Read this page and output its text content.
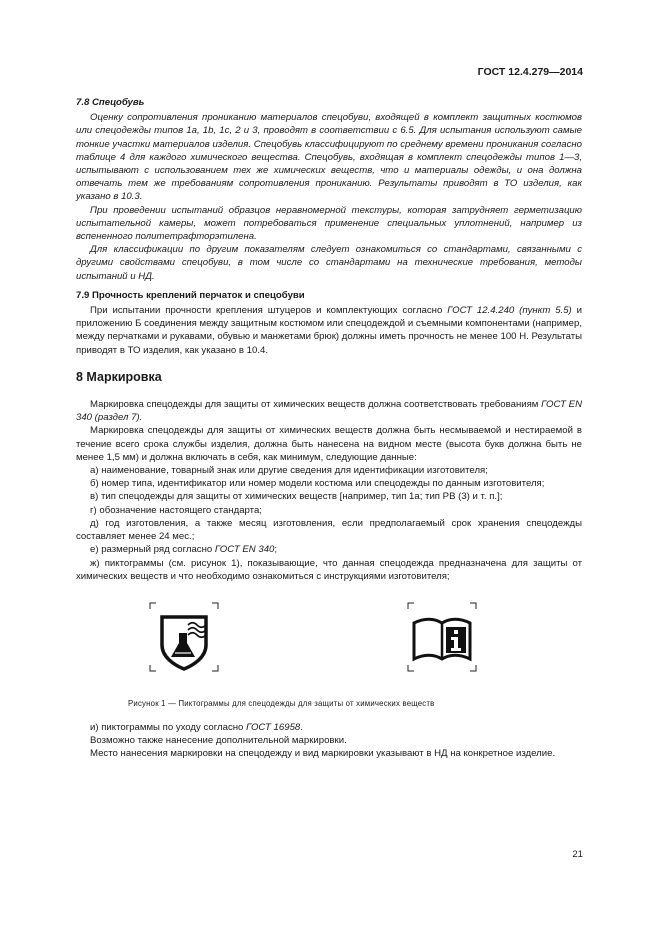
ГОСТ 12.4.279—2014
7.8 Спецобувь

Оценку сопротивления прониканию материалов спецобуви, входящей в комплект защитных костюмов или спецодежды типов 1а, 1b, 1с, 2 и 3, проводят в соответствии с 6.5. Для испытания используют самые тонкие участки материалов изделия. Спецобувь классифицируют по среднему времени проникания согласно таблице 4 для каждого химического вещества. Спецобувь, входящая в комплект спецодежды типов 1—3, испытывают с использованием тех же химических веществ, что и материалы одежды, и она должна отвечать тем же требованиям сопротивления прониканию. Результаты приводят в ТО изделия, как указано в 10.3.

При проведении испытаний образцов неравномерной текстуры, которая затрудняет герметизацию испытательной камеры, может потребоваться применение специальных уплотнений, например из вспененного политетрафторэтилена.

Для классификации по другим показателям следует ознакомиться со стандартами, связанными с другими свойствами спецобуви, в том числе со стандартами на технические требования, методы испытаний и НД.

7.9 Прочность креплений перчаток и спецобуви

При испытании прочности крепления штуцеров и комплектующих согласно ГОСТ 12.4.240 (пункт 5.5) и приложению Б соединения между защитным костюмом или спецодеждой и съемными компонентами (например, между перчатками и рукавами, обувью и манжетами брюк) должны иметь прочность не менее 100 Н. Результаты приводят в ТО изделия, как указано в 10.4.

8 Маркировка

Маркировка спецодежды для защиты от химических веществ должна соответствовать требованиям ГОСТ EN 340 (раздел 7).

Маркировка спецодежды для защиты от химических веществ должна быть несмываемой и нестираемой в течение всего срока службы изделия, должна быть нанесена на видном месте (высота букв должна быть не менее 1,5 мм) и должна включать в себя, как минимум, следующие данные:

а) наименование, товарный знак или другие сведения для идентификации изготовителя;

б) номер типа, идентификатор или номер модели костюма или спецодежды по данным изготовителя;

в) тип спецодежды для защиты от химических веществ [например, тип 1а; тип PB (3) и т. п.];

г) обозначение настоящего стандарта;

д) год изготовления, а также месяц изготовления, если предполагаемый срок хранения спецодежды составляет менее 24 мес.;

е) размерный ряд согласно ГОСТ EN 340;

ж) пиктограммы (см. рисунок 1), показывающие, что данная спецодежда предназначена для защиты от химических веществ и что необходимо ознакомиться с инструкциями изготовителя;

Рисунок 1 — Пиктограммы для спецодежды для защиты от химических веществ

и) пиктограммы по уходу согласно ГОСТ 16958.

Возможно также нанесение дополнительной маркировки.

Место нанесения маркировки на спецодежду и вид маркировки указывают в НД на конкретное изделие.

21
